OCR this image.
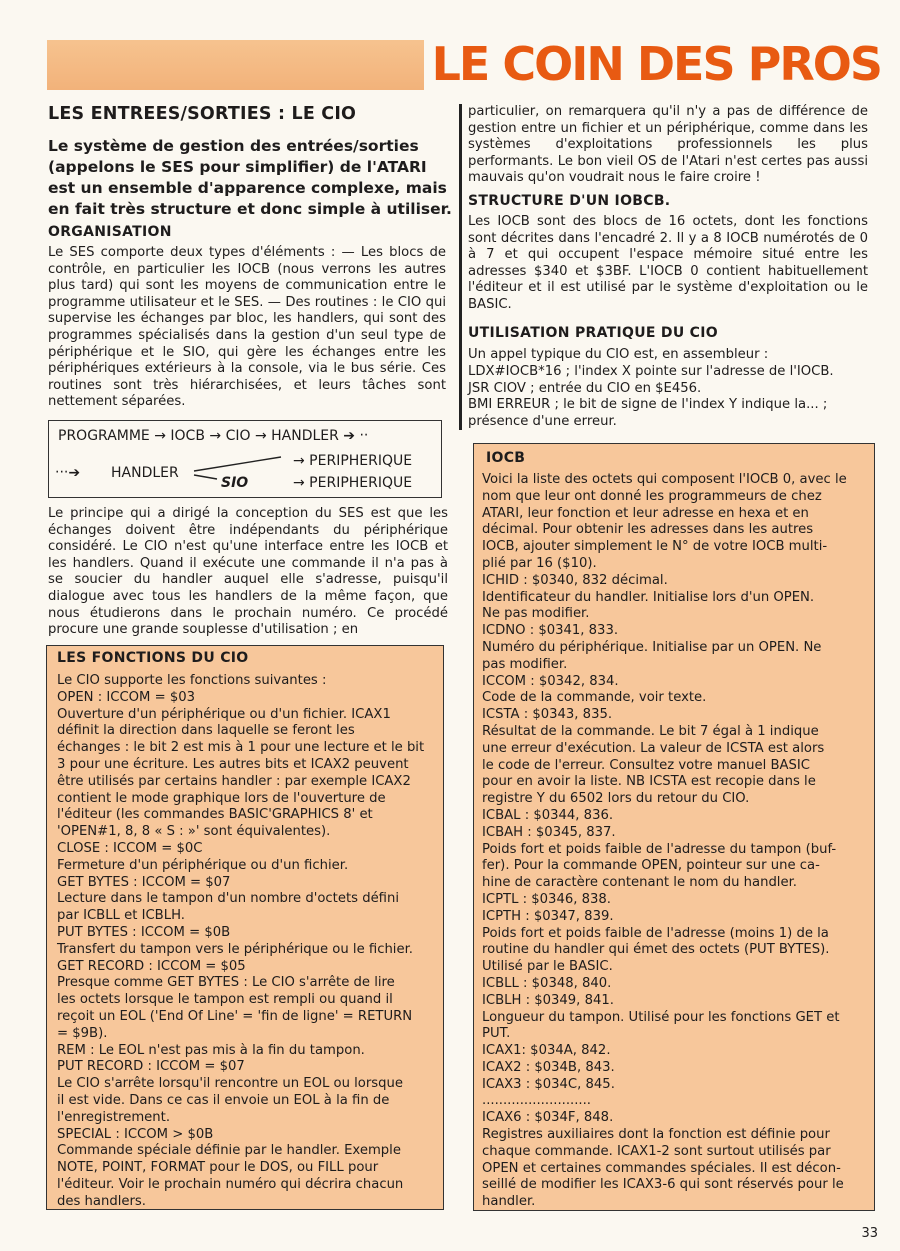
LE COIN DES PROS
LES ENTREES/SORTIES : LE CIO
Le système de gestion des entrées/sorties
(appelons le SES pour simplifier) de l'ATARI
est un ensemble d'apparence complexe, mais
en fait très structure et donc simple à utiliser.
ORGANISATION
Le SES comporte deux types d'éléments : — Les blocs de contrôle, en particulier les IOCB (nous verrons les autres plus tard) qui sont les moyens de communication entre le programme utilisateur et le SES. — Des routines : le CIO qui supervise les échanges par bloc, les handlers, qui sont des programmes spécialisés dans la gestion d'un seul type de périphérique et le SIO, qui gère les échanges entre les périphériques extérieurs à la console, via le bus série. Ces routines sont très hiérarchisées, et leurs tâches sont nettement séparées.
PROGRAMME → IOCB → CIO → HANDLER ➔ ‧‧
‧‧‧➔ HANDLER
SIO
→ PERIPHERIQUE
→ PERIPHERIQUE
Le principe qui a dirigé la conception du SES est que les échanges doivent être indépendants du périphérique considéré. Le CIO n'est qu'une interface entre les IOCB et les handlers. Quand il exécute une commande il n'a pas à se soucier du handler auquel elle s'adresse, puisqu'il dialogue avec tous les handlers de la même façon, que nous étudierons dans le prochain numéro. Ce procédé procure une grande souplesse d'utilisation ; en
LES FONCTIONS DU CIO
Le CIO supporte les fonctions suivantes :
OPEN : ICCOM = $03
Ouverture d'un périphérique ou d'un fichier. ICAX1
définit la direction dans laquelle se feront les
échanges : le bit 2 est mis à 1 pour une lecture et le bit
3 pour une écriture. Les autres bits et ICAX2 peuvent
être utilisés par certains handler : par exemple ICAX2
contient le mode graphique lors de l'ouverture de
l'éditeur (les commandes BASIC'GRAPHICS 8' et
'OPEN#1, 8, 8 « S : »' sont équivalentes).
CLOSE : ICCOM = $0C
Fermeture d'un périphérique ou d'un fichier.
GET BYTES : ICCOM = $07
Lecture dans le tampon d'un nombre d'octets défini
par ICBLL et ICBLH.
PUT BYTES : ICCOM = $0B
Transfert du tampon vers le périphérique ou le fichier.
GET RECORD : ICCOM = $05
Presque comme GET BYTES : Le CIO s'arrête de lire
les octets lorsque le tampon est rempli ou quand il
reçoit un EOL ('End Of Line' = 'fin de ligne' = RETURN
= $9B).
REM : Le EOL n'est pas mis à la fin du tampon.
PUT RECORD : ICCOM = $07
Le CIO s'arrête lorsqu'il rencontre un EOL ou lorsque
il est vide. Dans ce cas il envoie un EOL à la fin de
l'enregistrement.
SPECIAL : ICCOM > $0B
Commande spéciale définie par le handler. Exemple
NOTE, POINT, FORMAT pour le DOS, ou FILL pour
l'éditeur. Voir le prochain numéro qui décrira chacun
des handlers.
particulier, on remarquera qu'il n'y a pas de différence de gestion entre un fichier et un périphérique, comme dans les systèmes d'exploitations professionnels les plus performants. Le bon vieil OS de l'Atari n'est certes pas aussi mauvais qu'on voudrait nous le faire croire !
STRUCTURE D'UN IOBCB.
Les IOCB sont des blocs de 16 octets, dont les fonctions sont décrites dans l'encadré 2. Il y a 8 IOCB numérotés de 0 à 7 et qui occupent l'espace mémoire situé entre les adresses $340 et $3BF. L'IOCB 0 contient habituellement l'éditeur et il est utilisé par le système d'exploitation ou le BASIC.
UTILISATION PRATIQUE DU CIO
Un appel typique du CIO est, en assembleur :
LDX#IOCB*16 ; l'index X pointe sur l'adresse de l'IOCB.
JSR CIOV ; entrée du CIO en $E456.
BMI ERREUR ; le bit de signe de l'index Y indique la... ;
présence d'une erreur.
IOCB
Voici la liste des octets qui composent l'IOCB 0, avec le
nom que leur ont donné les programmeurs de chez
ATARI, leur fonction et leur adresse en hexa et en
décimal. Pour obtenir les adresses dans les autres
IOCB, ajouter simplement le N° de votre IOCB multi-
plié par 16 ($10).
ICHID : $0340, 832 décimal.
Identificateur du handler. Initialise lors d'un OPEN.
Ne pas modifier.
ICDNO : $0341, 833.
Numéro du périphérique. Initialise par un OPEN. Ne
pas modifier.
ICCOM : $0342, 834.
Code de la commande, voir texte.
ICSTA : $0343, 835.
Résultat de la commande. Le bit 7 égal à 1 indique
une erreur d'exécution. La valeur de ICSTA est alors
le code de l'erreur. Consultez votre manuel BASIC
pour en avoir la liste. NB ICSTA est recopie dans le
registre Y du 6502 lors du retour du CIO.
ICBAL : $0344, 836.
ICBAH : $0345, 837.
Poids fort et poids faible de l'adresse du tampon (buf-
fer). Pour la commande OPEN, pointeur sur une ca-
hine de caractère contenant le nom du handler.
ICPTL : $0346, 838.
ICPTH : $0347, 839.
Poids fort et poids faible de l'adresse (moins 1) de la
routine du handler qui émet des octets (PUT BYTES).
Utilisé par le BASIC.
ICBLL : $0348, 840.
ICBLH : $0349, 841.
Longueur du tampon. Utilisé pour les fonctions GET et
PUT.
ICAX1: $034A, 842.
ICAX2 : $034B, 843.
ICAX3 : $034C, 845.
..........................
ICAX6 : $034F, 848.
Registres auxiliaires dont la fonction est définie pour
chaque commande. ICAX1-2 sont surtout utilisés par
OPEN et certaines commandes spéciales. Il est décon-
seillé de modifier les ICAX3-6 qui sont réservés pour le
handler.
33
